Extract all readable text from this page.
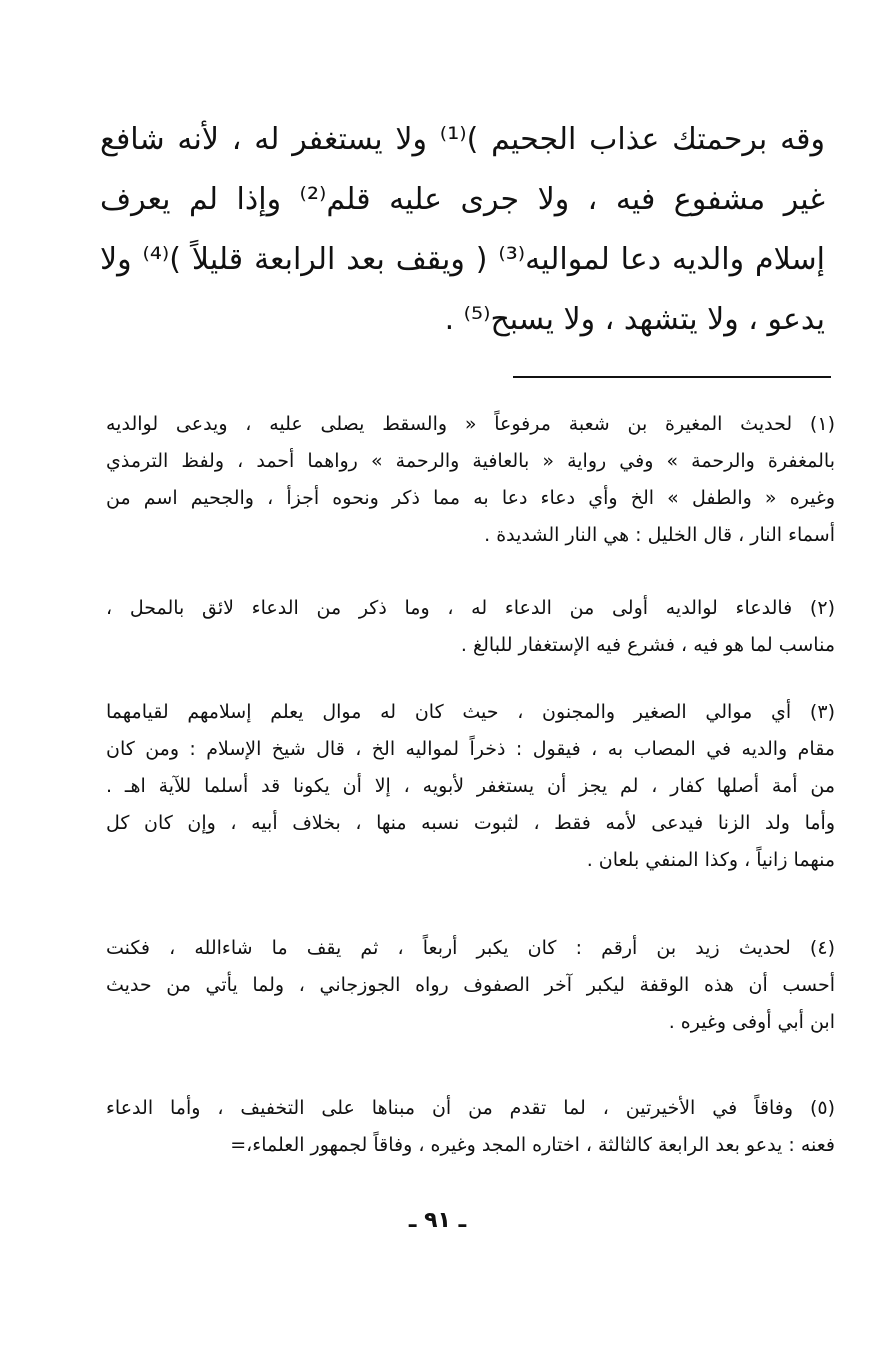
وقه برحمتك عذاب الجحيم )⁽¹⁾ ولا يستغفر له ، لأنه شافع
غير مشفوع فيه ، ولا جرى عليه قلم⁽²⁾ وإذا لم يعرف
إسلام والديه دعا لمواليه⁽³⁾ ( ويقف بعد الرابعة قليلاً )⁽⁴⁾ ولا
يدعو ، ولا يتشهد ، ولا يسبح⁽⁵⁾ .
(١) لحديث المغيرة بن شعبة مرفوعاً « والسقط يصلى عليه ، ويدعى لوالديه
بالمغفرة والرحمة » وفي رواية « بالعافية والرحمة » رواهما أحمد ، ولفظ الترمذي
وغيره « والطفل » الخ وأي دعاء دعا به مما ذكر ونحوه أجزأ ، والجحيم اسم من
أسماء النار ، قال الخليل : هي النار الشديدة .
(٢) فالدعاء لوالديه أولى من الدعاء له ، وما ذكر من الدعاء لائق بالمحل ،
مناسب لما هو فيه ، فشرع فيه الإستغفار للبالغ .
(٣) أي موالي الصغير والمجنون ، حيث كان له موال يعلم إسلامهم لقيامهما
مقام والديه في المصاب به ، فيقول : ذخراً لمواليه الخ ، قال شيخ الإسلام : ومن كان
من أمة أصلها كفار ، لم يجز أن يستغفر لأبويه ، إلا أن يكونا قد أسلما للآية اهـ .
وأما ولد الزنا فيدعى لأمه فقط ، لثبوت نسبه منها ، بخلاف أبيه ، وإن كان كل
منهما زانياً ، وكذا المنفي بلعان .
(٤) لحديث زيد بن أرقم : كان يكبر أربعاً ، ثم يقف ما شاءالله ، فكنت
أحسب أن هذه الوقفة ليكبر آخر الصفوف رواه الجوزجاني ، ولما يأتي من حديث
ابن أبي أوفى وغيره .
(٥) وفاقاً في الأخيرتين ، لما تقدم من أن مبناها على التخفيف ، وأما الدعاء
فعنه : يدعو بعد الرابعة كالثالثة ، اختاره المجد وغيره ، وفاقاً لجمهور العلماء،=
ـ ٩١ ـ
